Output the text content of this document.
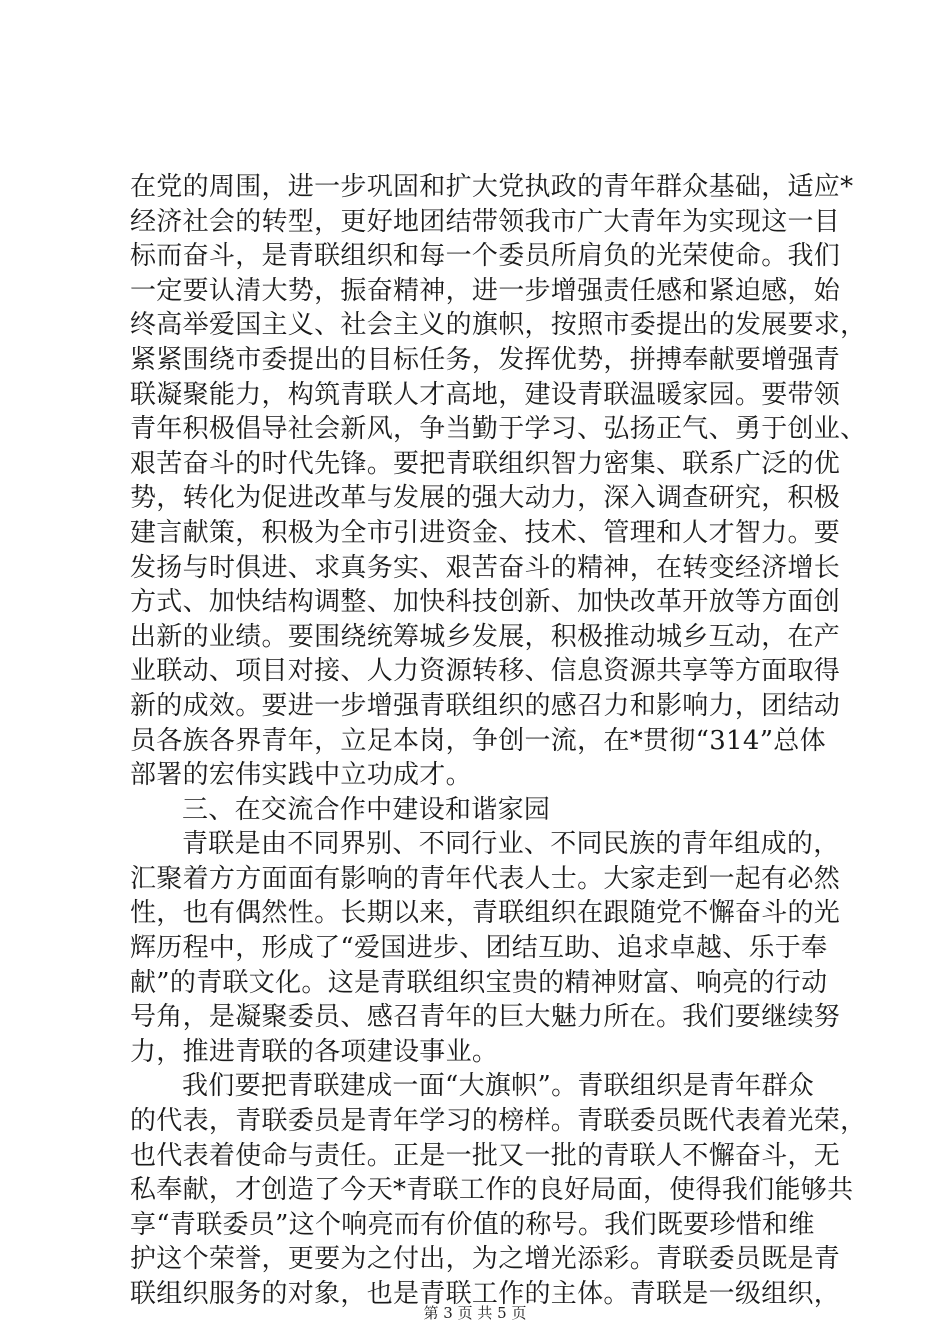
在党的周围，进一步巩固和扩大党执政的青年群众基础，适应*
经济社会的转型，更好地团结带领我市广大青年为实现这一目
标而奋斗，是青联组织和每一个委员所肩负的光荣使命。我们
一定要认清大势，振奋精神，进一步增强责任感和紧迫感，始
终高举爱国主义、社会主义的旗帜，按照市委提出的发展要求，
紧紧围绕市委提出的目标任务，发挥优势，拼搏奉献要增强青
联凝聚能力，构筑青联人才高地，建设青联温暖家园。要带领
青年积极倡导社会新风，争当勤于学习、弘扬正气、勇于创业、
艰苦奋斗的时代先锋。要把青联组织智力密集、联系广泛的优
势，转化为促进改革与发展的强大动力，深入调查研究，积极
建言献策，积极为全市引进资金、技术、管理和人才智力。要
发扬与时俱进、求真务实、艰苦奋斗的精神，在转变经济增长
方式、加快结构调整、加快科技创新、加快改革开放等方面创
出新的业绩。要围绕统筹城乡发展，积极推动城乡互动，在产
业联动、项目对接、人力资源转移、信息资源共享等方面取得
新的成效。要进一步增强青联组织的感召力和影响力，团结动
员各族各界青年，立足本岗，争创一流，在*贯彻“314”总体
部署的宏伟实践中立功成才。
三、在交流合作中建设和谐家园
青联是由不同界别、不同行业、不同民族的青年组成的，
汇聚着方方面面有影响的青年代表人士。大家走到一起有必然
性，也有偶然性。长期以来，青联组织在跟随党不懈奋斗的光
辉历程中，形成了“爱国进步、团结互助、追求卓越、乐于奉
献”的青联文化。这是青联组织宝贵的精神财富、响亮的行动
号角，是凝聚委员、感召青年的巨大魅力所在。我们要继续努
力，推进青联的各项建设事业。
我们要把青联建成一面“大旗帜”。青联组织是青年群众
的代表，青联委员是青年学习的榜样。青联委员既代表着光荣，
也代表着使命与责任。正是一批又一批的青联人不懈奋斗，无
私奉献，才创造了今天*青联工作的良好局面，使得我们能够共
享“青联委员”这个响亮而有价值的称号。我们既要珍惜和维
护这个荣誉，更要为之付出，为之增光添彩。青联委员既是青
联组织服务的对象，也是青联工作的主体。青联是一级组织，
第 3 页 共 5 页
